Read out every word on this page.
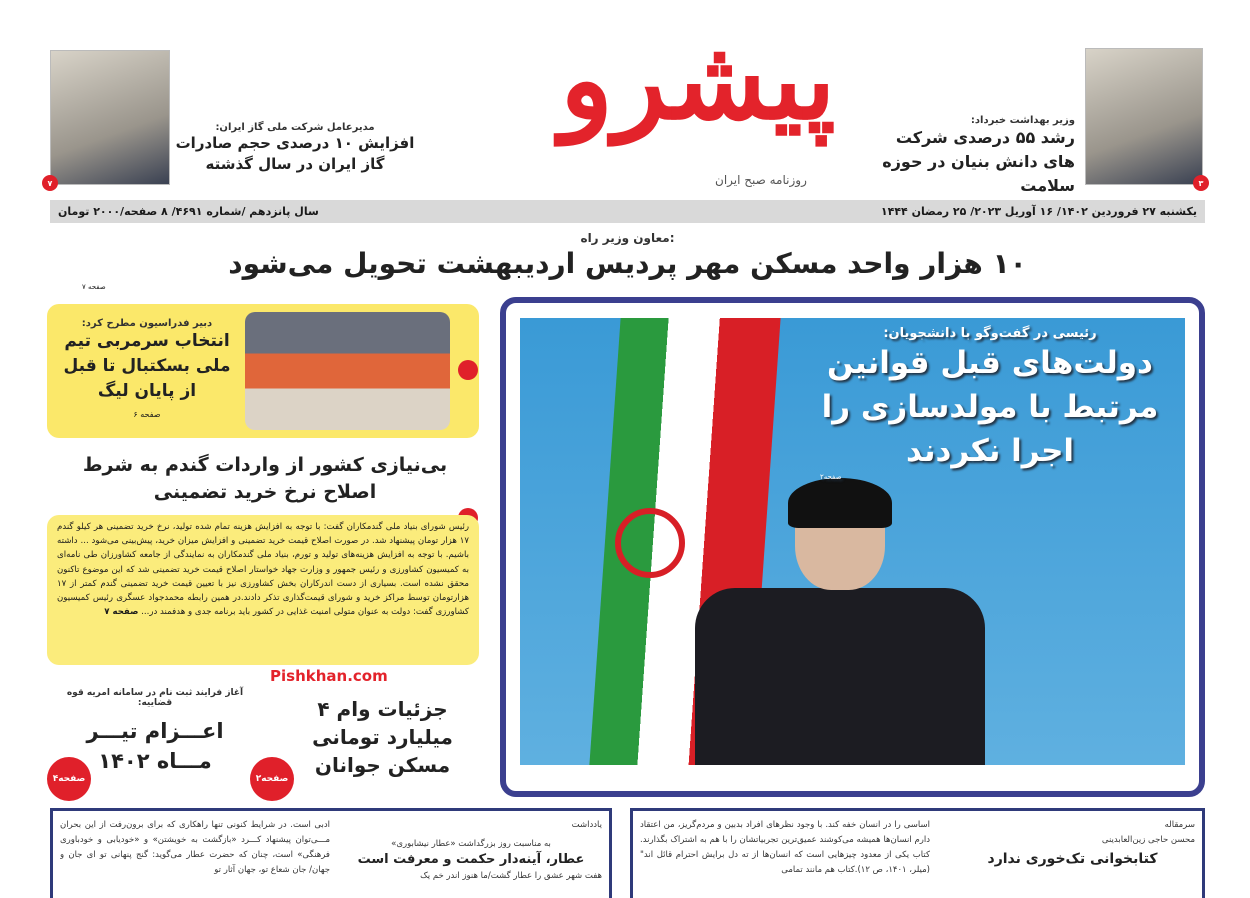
۳
وزیر بهداشت خبرداد:
رشد ۵۵ درصدی شرکت های دانش بنیان در حوزه سلامت
پیشرو
روزنامه صبح ایران
۷
مدیرعامل شرکت ملی گاز ایران:
افزایش ۱۰ درصدی حجم صادرات گاز ایران در سال گذشته
سال پانزدهم /شماره ۴۶۹۱/ ۸ صفحه/۲۰۰۰ تومان	یکشنبه ۲۷ فروردین ۱۴۰۲/ ۱۶ آوریل ۲۰۲۳/ ۲۵ رمضان ۱۴۴۴
معاون وزیر راه:
۱۰ هزار واحد مسکن مهر پردیس اردیبهشت تحویل می‌شود
صفحه ۷
رئیسی در گفت‌وگو با دانشجویان:
دولت‌های قبل قوانین مرتبط با مولدسازی را اجرا نکردند
صفحه۲
دبیر فدراسیون مطرح کرد:
انتخاب سرمربی تیم ملی بسکتبال تا قبل از پایان لیگ
صفحه ۶
بی‌نیازی کشور از واردات گندم به شرط اصلاح نرخ خرید تضمینی
رئیس شورای بنیاد ملی گندمکاران گفت: با توجه به افزایش هزینه تمام شده تولید، نرخ خرید تضمینی هر کیلو گندم ۱۷ هزار تومان پیشنهاد شد. در صورت اصلاح قیمت خرید تضمینی و افزایش میزان خرید، پیش‌بینی می‌شود ... داشته باشیم. با توجه به افزایش هزینه‌های تولید و تورم، بنیاد ملی گندمکاران به نمایندگی از جامعه کشاورزان طی نامه‌ای به کمیسیون کشاورزی و رئیس جمهور و وزارت جهاد خواستار اصلاح قیمت خرید تضمینی شد که این موضوع تاکنون محقق نشده است. بسیاری از دست اندرکاران بخش کشاورزی نیز با تعیین قیمت خرید تضمینی گندم کمتر از ۱۷ هزارتومان توسط مراکز خرید و شورای قیمت‌گذاری تذکر دادند.در همین رابطه محمدجواد عسگری رئیس کمیسیون کشاورزی گفت: دولت به عنوان متولی امنیت غذایی در کشور باید برنامه جدی و هدفمند در... صفحه ۷
Pishkhan.com
جزئیات وام ۴ میلیارد تومانی مسکن جوانان
صفحه۲
آغاز فرایند ثبت نام در سامانه امریه قوه قضاییه:
اعـــزام تیـــر مـــاه ۱۴۰۲
صفحه۴
سرمقاله
محسن حاجی زین‌العابدینی
کتابخوانی تک‌خوری ندارد
اساسی را در انسان خفه کند. با وجود نظرهای افراد بدبین و مردم‌گریز، من اعتقاد دارم انسان‌ها همیشه می‌کوشند عمیق‌ترین تجربیاتشان را با هم به اشتراک بگذارند. کتاب یکی از معدود چیزهایی است که انسان‌ها از ته دل برایش احترام قائل اند" (میلر، ۱۴۰۱، ص ۱۲).کتاب هم مانند تمامی
یادداشت
به مناسبت روز بزرگداشت «عطار نیشابوری»
عطار، آینه‌دار حکمت و معرفت است
هفت شهر عشق را عطار گشت/ما هنوز اندر خم یک
ادبی است. در شرایط کنونی تنها راهکاری که برای برون‌رفت از این بحران مـــی‌توان پیشنهاد کـــرد «بازگشت به خویشتن» و «خودیابی و خودباوری فرهنگی» است، چنان که حضرت عطار می‌گوید: گنج پنهانی تو ای جان و جهان/ جان شعاع تو، جهان آثار تو
